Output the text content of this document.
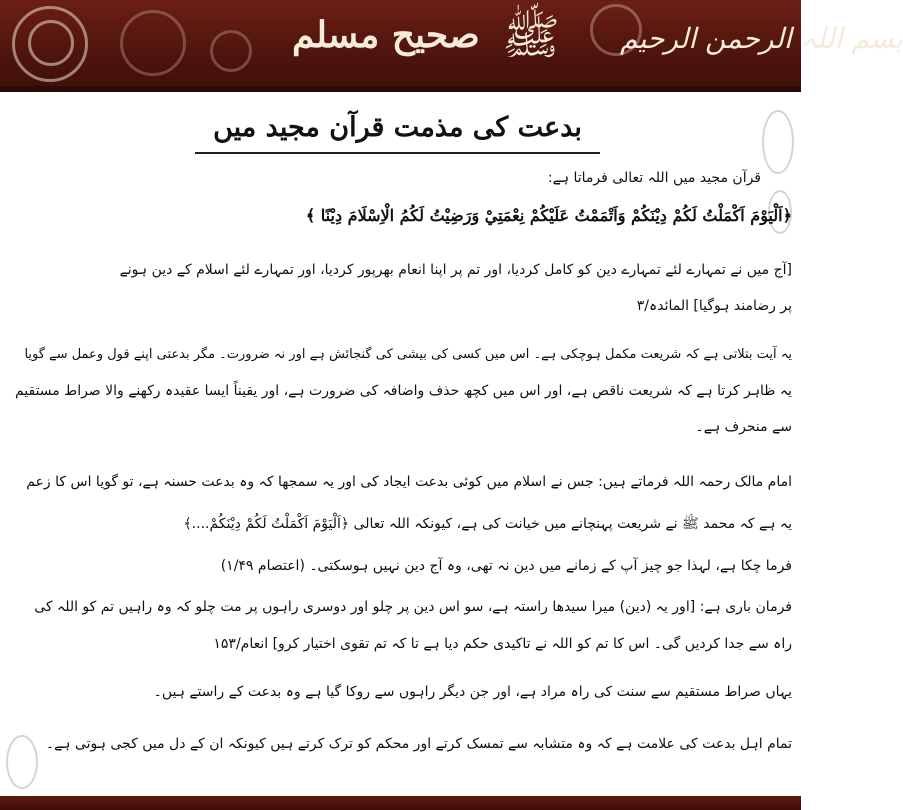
بسم اللہ الرحمن الرحیم
ﷺ
صحیح مسلم
بدعت کی مذمت قرآن مجید میں
قرآن مجید میں اللہ تعالی فرماتا ہے:
﴿اَلْيَوْمَ اَكْمَلْتُ لَكُمْ دِيْنَكُمْ وَاَتْمَمْتُ عَلَيْكُمْ نِعْمَتِيْ وَرَضِيْتُ لَكُمُ الْاِسْلَامَ دِيْنًا ﴾
[آج میں نے تمہارے لئے تمہارے دین کو کامل کردیا، اور تم پر اپنا انعام بھرپور کردیا، اور تمہارے لئے اسلام کے دین ہونے
پر رضامند ہوگیا] المائدہ/۳
یہ آیت بتلاتی ہے کہ شریعت مکمل ہوچکی ہے۔ اس میں کسی کی بیشی کی گنجائش ہے اور نہ ضرورت۔ مگر بدعتی اپنے قول وعمل سے گویا
یہ ظاہر کرتا ہے کہ شریعت ناقص ہے، اور اس میں کچھ حذف واضافہ کی ضرورت ہے، اور یقیناً ایسا عقیدہ رکھنے والا صراط مستقیم
سے منحرف ہے۔
امام مالک رحمہ اللہ فرماتے ہیں: جس نے اسلام میں کوئی بدعت ایجاد کی اور یہ سمجھا کہ وہ بدعت حسنہ ہے، تو گویا اس کا زعم
یہ ہے کہ محمد ﷺ نے شریعت پہنچانے میں خیانت کی ہے، کیونکہ اللہ تعالی ﴿اَلْيَوْمَ اَكْمَلْتُ لَكُمْ دِيْنَكُمْ....﴾
فرما چکا ہے، لہذا جو چیز آپ کے زمانے میں دین نہ تھی، وہ آج دین نہیں ہوسکتی۔ (اعتصام ۱/۴۹)
فرمان باری ہے: [اور یہ (دین) میرا سیدھا راستہ ہے، سو اس دین پر چلو اور دوسری راہوں پر مت چلو کہ وہ راہیں تم کو اللہ کی
راہ سے جدا کردیں گی۔ اس کا تم کو اللہ نے تاکیدی حکم دیا ہے تا کہ تم تقوی اختیار کرو] انعام/۱۵۳
یہاں صراط مستقیم سے سنت کی راہ مراد ہے، اور جن دیگر راہوں سے روکا گیا ہے وہ بدعت کے راستے ہیں۔
تمام اہل بدعت کی علامت ہے کہ وہ متشابہ سے تمسک کرتے اور محکم کو ترک کرتے ہیں کیونکہ ان کے دل میں کجی ہوتی ہے۔
